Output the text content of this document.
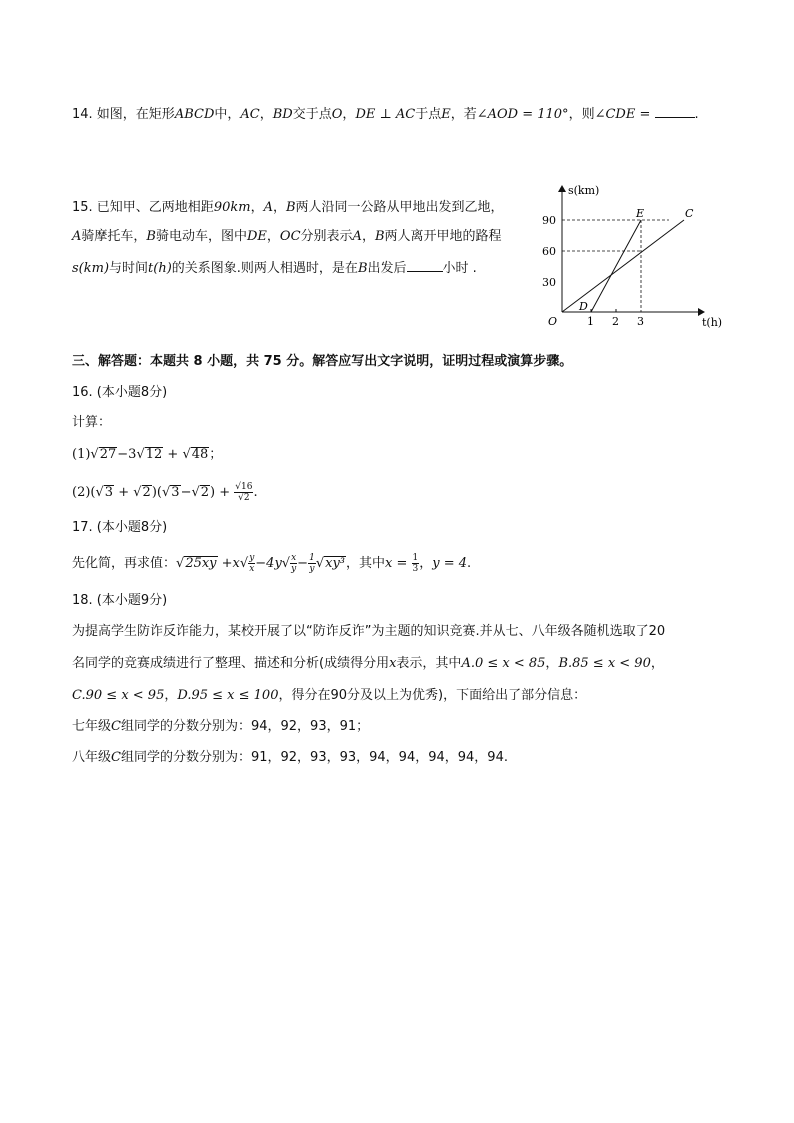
14. 如图，在矩形ABCD中，AC，BD交于点O，DE ⊥ AC于点E，若∠AOD = 110°，则∠CDE =	.
15. 已知甲、乙两地相距90km，A，B两人沿同一公路从甲地出发到乙地，
A骑摩托车，B骑电动车，图中DE，OC分别表示A，B两人离开甲地的路程
s(km)与时间t(h)的关系图象.则两人相遇时，是在B出发后	小时 .
s(km)
t(h)
O
90
60
30
1 2 3
D
E	C
三、解答题：本题共 8 小题，共 75 分。解答应写出文字说明，证明过程或演算步骤。
16. (本小题8分)
计算：
(1)√27−3√12 + √48；
$(2)(√3 + √2)(√3-√2) + \frac{√16}{√2}$ .
17. (本小题8分)
先化简，再求值：$√25xy +x√ \frac{y}{x} -4y√ \frac{x}{y} - \frac{1}{y} √xy^3$，其中$x = \frac{1}{3}$ ，y = 4.
18. (本小题9分)
为提高学生防诈反诈能力，某校开展了以“防诈反诈”为主题的知识竞赛.并从七、八年级各随机选取了20
名同学的竞赛成绩进行了整理、描述和分析(成绩得分用x表示，其中A.0 ≤ x < 85，B.85 ≤ x < 90，
C.90 ≤ x < 95，D.95 ≤ x ≤ 100，得分在90分及以上为优秀)，下面给出了部分信息：
七年级C组同学的分数分别为：94，92，93，91；
八年级C组同学的分数分别为：91，92，93，93，94，94，94，94，94.
